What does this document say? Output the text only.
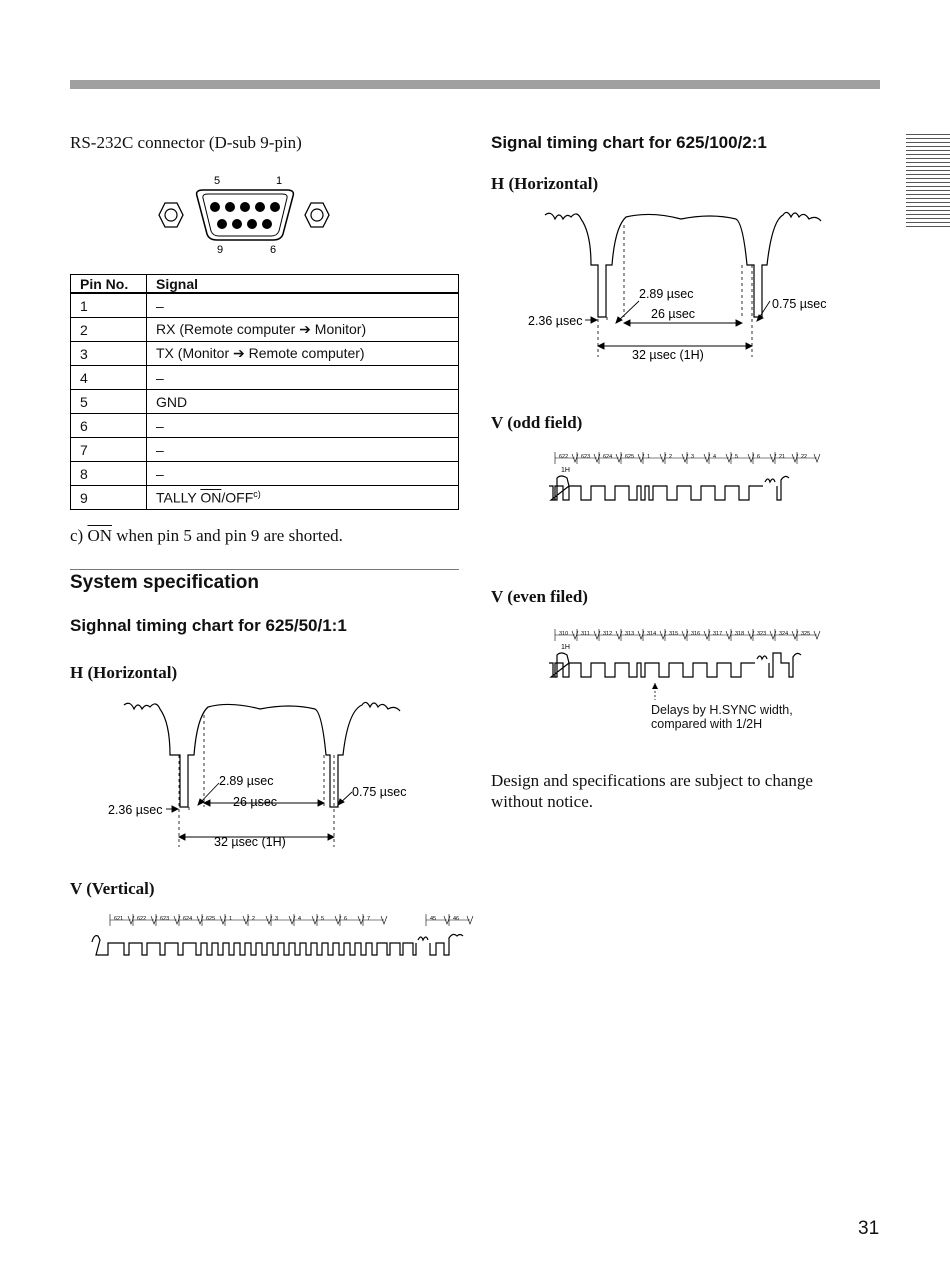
RS-232C connector (D-sub 9-pin)
5	1
9	6
Pin No.	Signal
1	–
2	RX (Remote computer ➔ Monitor)
3	TX (Monitor ➔ Remote computer)
4	–
5	GND
6	–
7	–
8	–
9	TALLY $\overline{ON}/OFF^{c)}$
c) $\overline{ON}$ when pin 5 and pin 9 are shorted.
System specification
Sighnal timing chart for 625/50/1:1
H (Horizontal)
2.89 µsec
26 µsec
2.36 µsec
0.75 µsec
32 µsec (1H)
V (Vertical)
621	622	623	624	625	1	2	3	4	5	6	7	45	46
Signal timing chart for 625/100/2:1
H (Horizontal)
2.89 µsec
26 µsec
2.36 µsec
0.75 µsec
32 µsec (1H)
V (odd field)
622 623 624 625 1	2	3	4	5	6	21	22
1H
V (even filed)
310 311 312 313 314 315 316 317 318 323 324 325
1H
Delays by H.SYNC width,
compared with 1/2H
Design and specifications are subject to change
without notice.
31
